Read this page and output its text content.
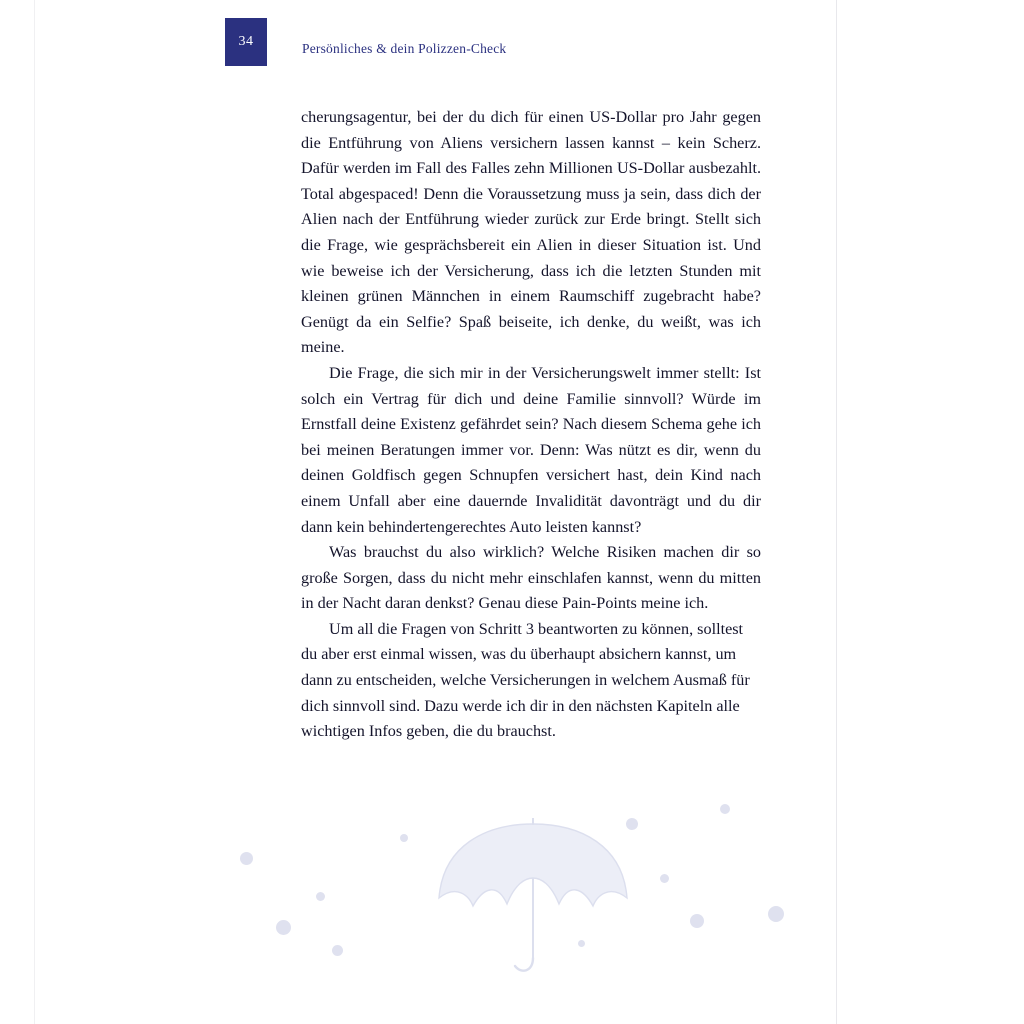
34	Persönliches & dein Polizzen-Check

cherungsagentur, bei der du dich für einen US-Dollar pro Jahr gegen die Entführung von Aliens versichern lassen kannst – kein Scherz. Dafür werden im Fall des Falles zehn Millionen US-Dollar ausbezahlt. Total abgespaced! Denn die Voraussetzung muss ja sein, dass dich der Alien nach der Entführung wieder zurück zur Erde bringt. Stellt sich die Frage, wie gesprächsbereit ein Alien in dieser Situation ist. Und wie beweise ich der Versicherung, dass ich die letzten Stunden mit kleinen grünen Männchen in einem Raumschiff zugebracht habe? Genügt da ein Selfie? Spaß beiseite, ich denke, du weißt, was ich meine.

Die Frage, die sich mir in der Versicherungswelt immer stellt: Ist solch ein Vertrag für dich und deine Familie sinnvoll? Würde im Ernstfall deine Existenz gefährdet sein? Nach diesem Schema gehe ich bei meinen Beratungen immer vor. Denn: Was nützt es dir, wenn du deinen Goldfisch gegen Schnupfen versichert hast, dein Kind nach einem Unfall aber eine dauernde Invalidität davonträgt und du dir dann kein behindertengerechtes Auto leisten kannst?

Was brauchst du also wirklich? Welche Risiken machen dir so große Sorgen, dass du nicht mehr einschlafen kannst, wenn du mitten in der Nacht daran denkst? Genau diese Pain-Points meine ich.

Um all die Fragen von Schritt 3 beantworten zu können, solltest du aber erst einmal wissen, was du überhaupt absichern kannst, um dann zu entscheiden, welche Versicherungen in welchem Ausmaß für dich sinnvoll sind. Dazu werde ich dir in den nächsten Kapiteln alle wichtigen Infos geben, die du brauchst.
